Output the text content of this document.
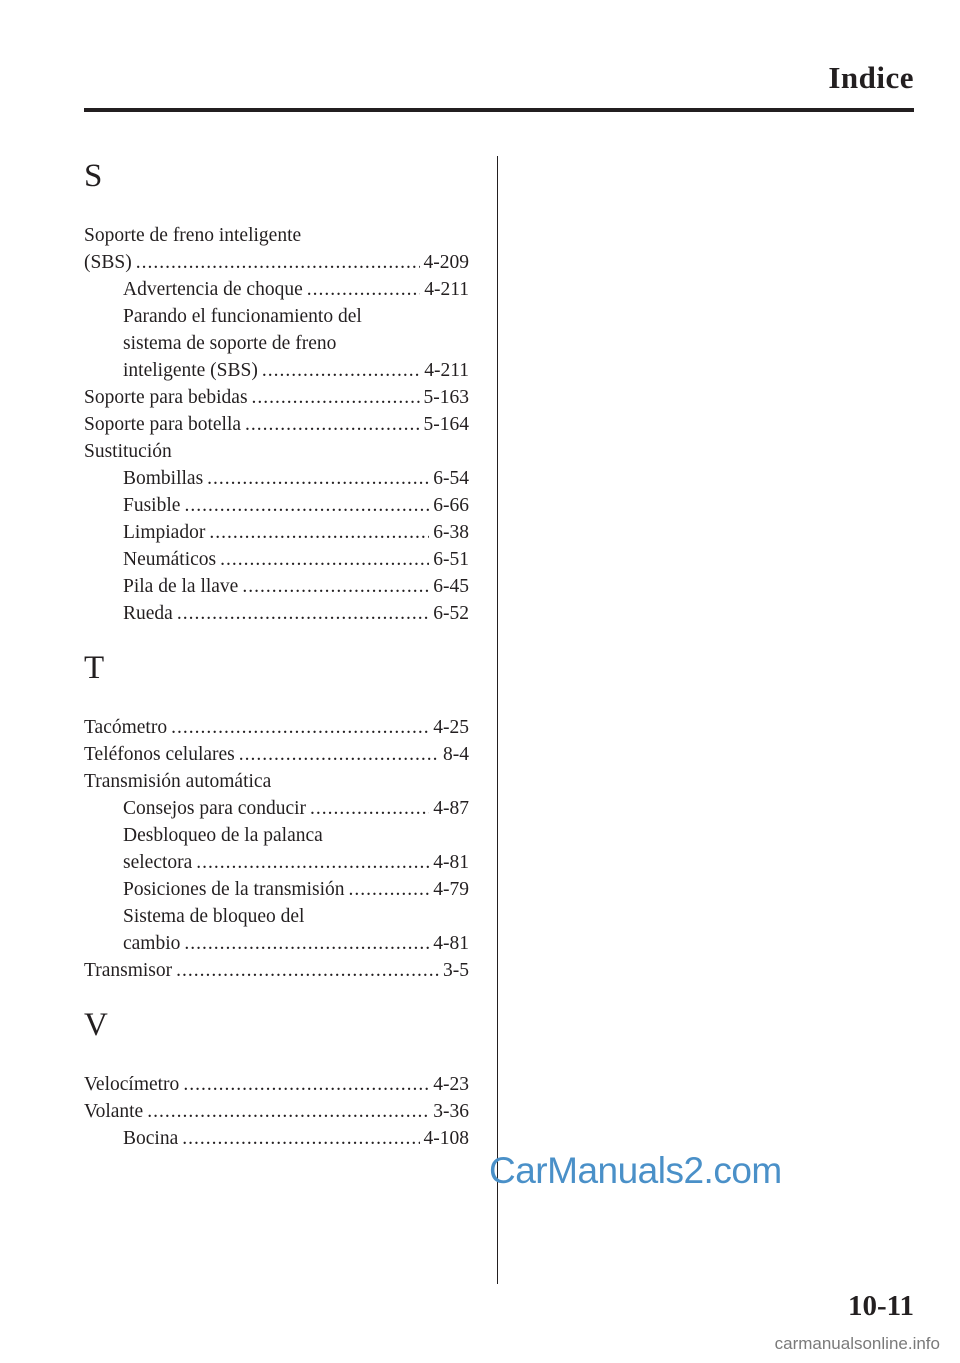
Indice
S
Soporte de freno inteligente
(SBS) .....	4-209
Advertencia de choque .....	4-211
Parando el funcionamiento del
sistema de soporte de freno
inteligente (SBS) .....	4-211
Soporte para bebidas .....	5-163
Soporte para botella .....	5-164
Sustitución
Bombillas .....	6-54
Fusible .....	6-66
Limpiador .....	6-38
Neumáticos .....	6-51
Pila de la llave .....	6-45
Rueda .....	6-52
T
Tacómetro .....	4-25
Teléfonos celulares .....	8-4
Transmisión automática
Consejos para conducir .....	4-87
Desbloqueo de la palanca
selectora .....	4-81
Posiciones de la transmisión .....	4-79
Sistema de bloqueo del
cambio .....	4-81
Transmisor .....	3-5
V
Velocímetro .....	4-23
Volante .....	3-36
Bocina .....	4-108
CarManuals2.com
10-11
carmanualsonline.info
